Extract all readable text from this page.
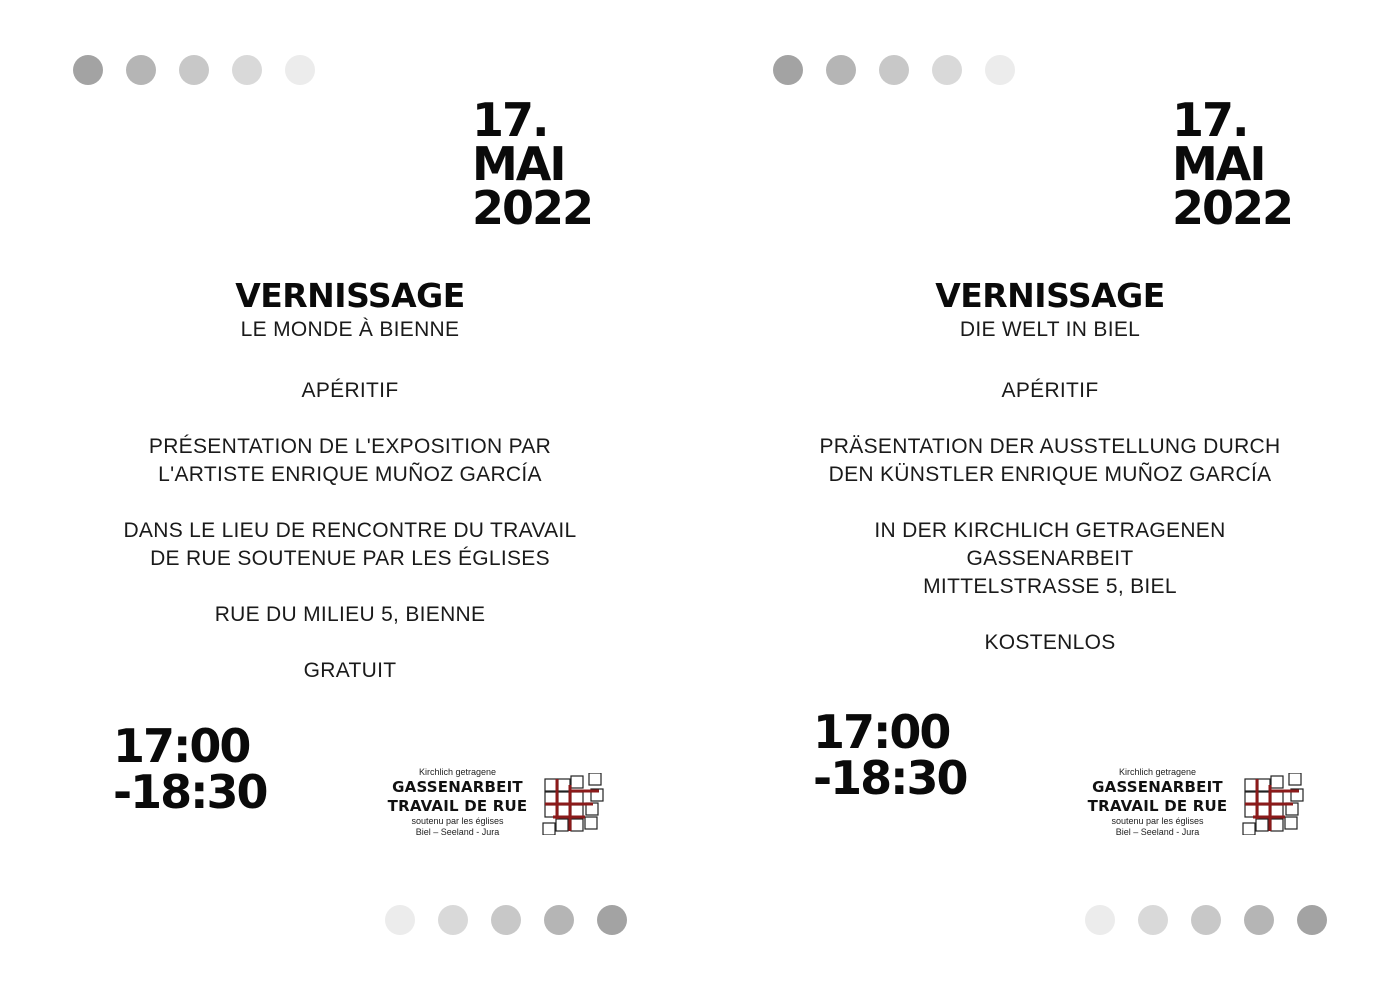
17.
MAI
2022
VERNISSAGE
LE MONDE À BIENNE

APÉRITIF

PRÉSENTATION DE L'EXPOSITION PAR
L'ARTISTE ENRIQUE MUÑOZ GARCÍA

DANS LE LIEU DE RENCONTRE DU TRAVAIL
DE RUE SOUTENUE PAR LES ÉGLISES

RUE DU MILIEU 5, BIENNE

GRATUIT

17:00
-18:30	Kirchlich getragene
GASSENARBEIT
TRAVAIL DE RUE
soutenu par les églises
Biel – Seeland - Jura
17.
MAI
2022
VERNISSAGE
DIE WELT IN BIEL

APÉRITIF

PRÄSENTATION DER AUSSTELLUNG DURCH
DEN KÜNSTLER ENRIQUE MUÑOZ GARCÍA

IN DER KIRCHLICH GETRAGENEN
GASSENARBEIT
MITTELSTRASSE 5, BIEL

KOSTENLOS

17:00
-18:30	Kirchlich getragene
GASSENARBEIT
TRAVAIL DE RUE
soutenu par les églises
Biel – Seeland - Jura
